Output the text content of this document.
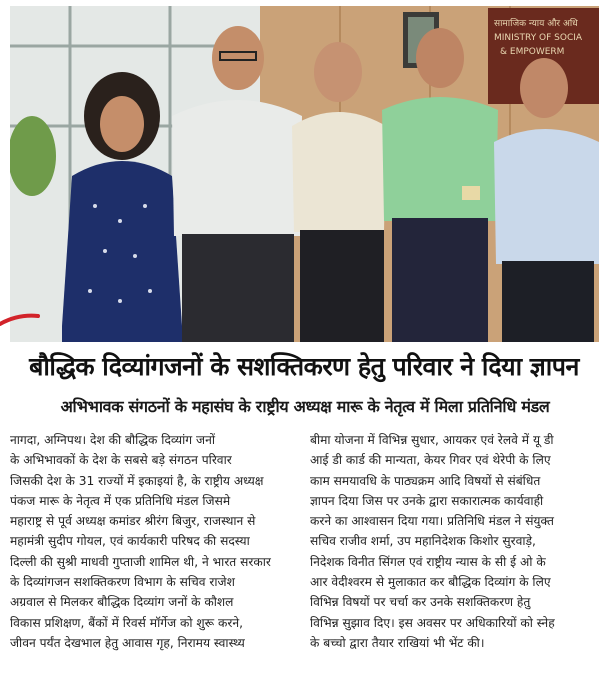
सामाजिक न्याय और अधि
MINISTRY OF SOCIA
& EMPOWERM
बौद्धिक दिव्यांगजनों के सशक्तिकरण हेतु परिवार ने दिया ज्ञापन
अभिभावक संगठनों के महासंघ के राष्ट्रीय अध्यक्ष मारू के नेतृत्व में मिला प्रतिनिधि मंडल
नागदा, अग्निपथ। देश की बौद्धिक दिव्यांग जनों
के अभिभावकों के देश के सबसे बड़े संगठन परिवार
जिसकी देश के 31 राज्यों में इकाइयां है, के राष्ट्रीय अध्यक्ष
पंकज मारू के नेतृत्व में एक प्रतिनिधि मंडल जिसमे
महाराष्ट्र से पूर्व अध्यक्ष कमांडर श्रीरंग बिजुर, राजस्थान से
महामंत्री सुदीप गोयल, एवं कार्यकारी परिषद की सदस्या
दिल्ली की सुश्री माधवी गुप्ताजी शामिल थी, ने भारत सरकार
के दिव्यांगजन सशक्तिकरण विभाग के सचिव राजेश
अग्रवाल से मिलकर बौद्धिक दिव्यांग जनों के कौशल
विकास प्रशिक्षण, बैंकों में रिवर्स मॉर्गेज को शुरू करने,
जीवन पर्यंत देखभाल हेतु आवास गृह, निरामय स्वास्थ्य
बीमा योजना में विभिन्न सुधार, आयकर एवं रेलवे में यू डी
आई डी कार्ड की मान्यता, केयर गिवर एवं थेरेपी के लिए
काम समयावधि के पाठ्यक्रम आदि विषयों से संबंधित
ज्ञापन दिया जिस पर उनके द्वारा सकारात्मक कार्यवाही
करने का आश्वासन दिया गया। प्रतिनिधि मंडल ने संयुक्त
सचिव राजीव शर्मा, उप महानिदेशक किशोर सुरवाड़े,
निदेशक विनीत सिंगल एवं राष्ट्रीय न्यास के सी ई ओ के
आर वेदीश्वरम से मुलाकात कर बौद्धिक दिव्यांग के लिए
विभिन्न विषयों पर चर्चा कर उनके सशक्तिकरण हेतु
विभिन्न सुझाव दिए। इस अवसर पर अधिकारियों को स्नेह
के बच्चो द्वारा तैयार राखियां भी भेंट की।
